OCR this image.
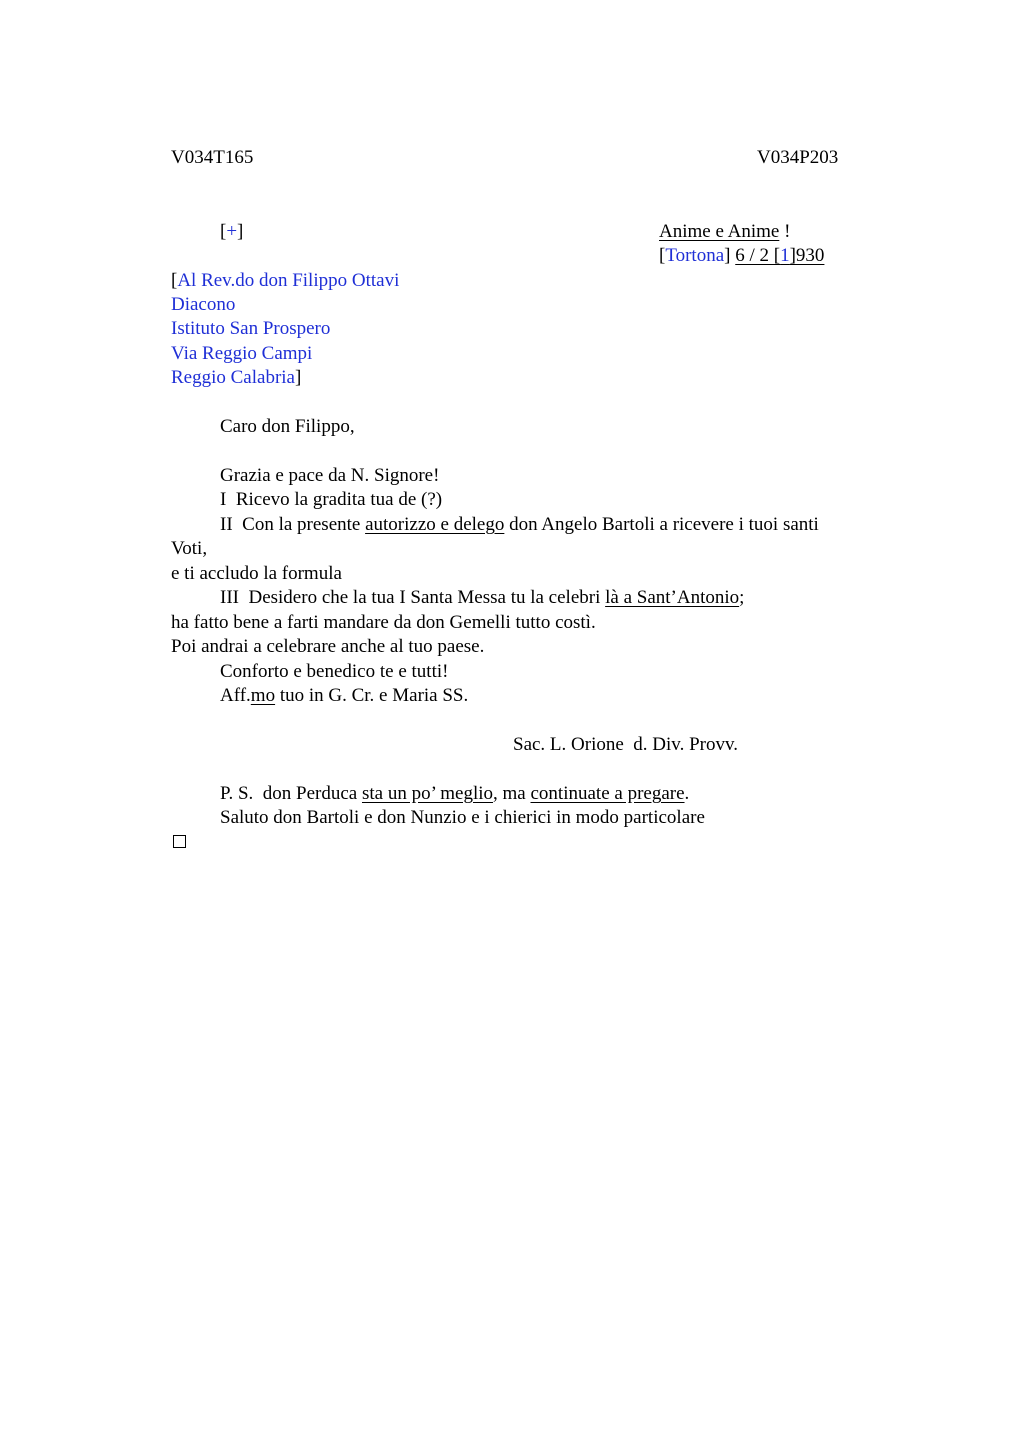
V034T165	V034P203
[+]	Anime e Anime !
[Tortona] 6 / 2 [1]930
[Al Rev.do don Filippo Ottavi
Diacono
Istituto San Prospero
Via Reggio Campi
Reggio Calabria]
Caro don Filippo,
Grazia e pace da N. Signore!
I  Ricevo la gradita tua de (?)
II  Con la presente autorizzo e delego don Angelo Bartoli a ricevere i tuoi santi
Voti,
e ti accludo la formula
III  Desidero che la tua I Santa Messa tu la celebri là a Sant’Antonio;
ha fatto bene a farti mandare da don Gemelli tutto costì.
Poi andrai a celebrare anche al tuo paese.
Conforto e benedico te e tutti!
Aff.mo tuo in G. Cr. e Maria SS.
Sac. L. Orione  d. Div. Provv.
P. S.  don Perduca sta un po’ meglio, ma continuate a pregare.
Saluto don Bartoli e don Nunzio e i chierici in modo particolare
